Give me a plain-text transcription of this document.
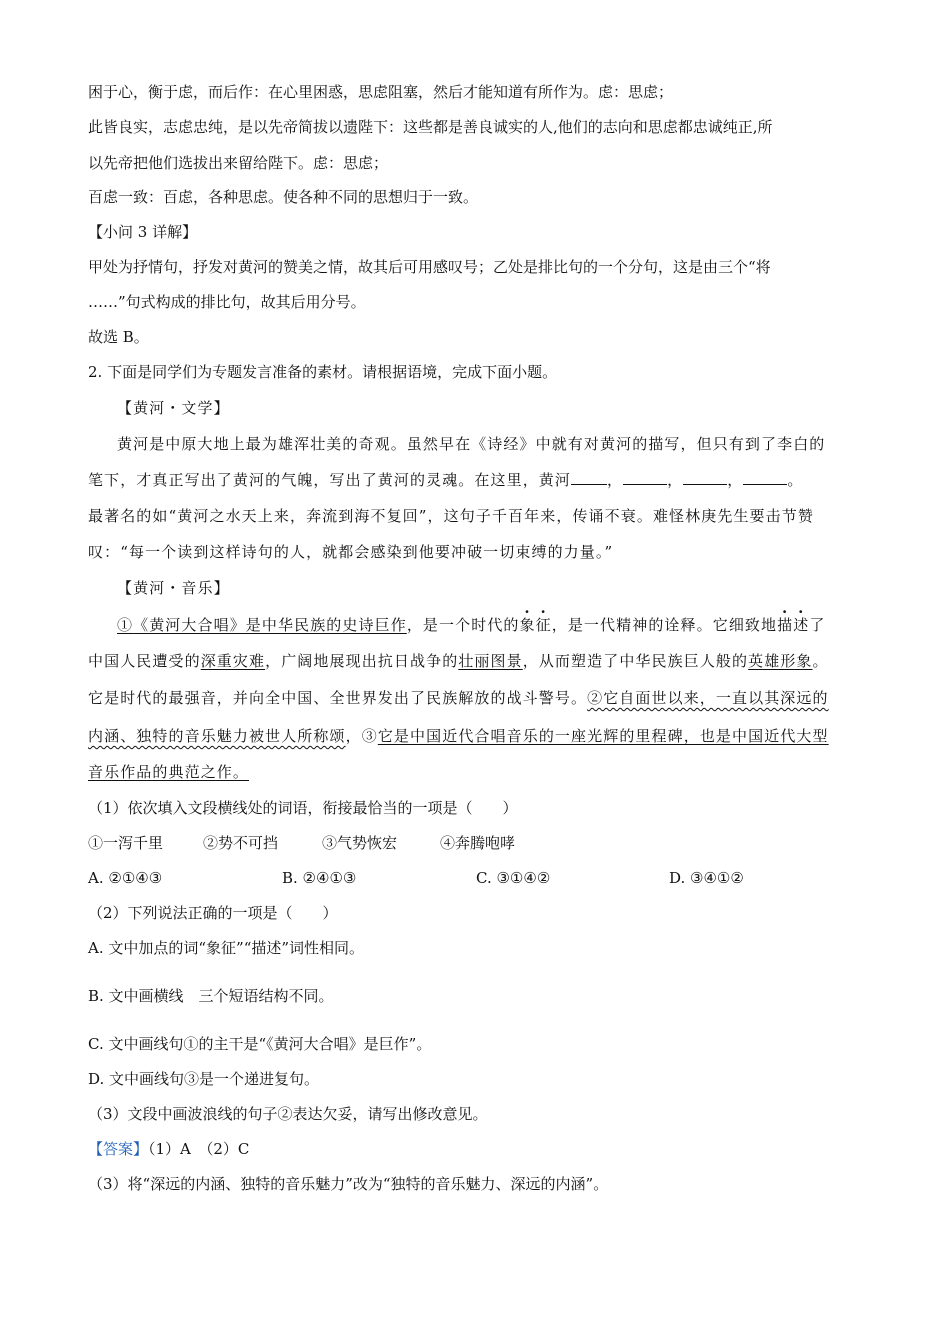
困于心，衡于虑，而后作：在心里困惑，思虑阻塞，然后才能知道有所作为。虑：思虑；
此皆良实，志虑忠纯，是以先帝简拔以遗陛下：这些都是善良诚实的人,他们的志向和思虑都忠诚纯正,所
以先帝把他们选拔出来留给陛下。虑：思虑；
百虑一致：百虑，各种思虑。使各种不同的思想归于一致。
【小问 3 详解】
甲处为抒情句，抒发对黄河的赞美之情，故其后可用感叹号；乙处是排比句的一个分句，这是由三个“将
……”句式构成的排比句，故其后用分号。
故选 B。
2. 下面是同学们为专题发言准备的素材。请根据语境，完成下面小题。
【黄河・文学】
黄河是中原大地上最为雄浑壮美的奇观。虽然早在《诗经》中就有对黄河的描写，但只有到了李白的
笔下，才真正写出了黄河的气魄，写出了黄河的灵魂。在这里，黄河 ，	，	，	。
最著名的如“黄河之水天上来，奔流到海不复回”，这句子千百年来，传诵不衰。难怪林庚先生要击节赞
叹：“每一个读到这样诗句的人，就都会感染到他要冲破一切束缚的力量。”
【黄河・音乐】
①《黄河大合唱》是中华民族的史诗巨作，是一个时代的象征，是一代精神的诠释。它细致地描述了
中国人民遭受的深重灾难，广阔地展现出抗日战争的壮丽图景，从而塑造了中华民族巨人般的英雄形象。
它是时代的最强音，并向全中国、全世界发出了民族解放的战斗警号。②它自面世以来，一直以其深远的
内涵、独特的音乐魅力被世人所称颂，③它是中国近代合唱音乐的一座光辉的里程碑，也是中国近代大型
音乐作品的典范之作。
（1）依次填入文段横线处的词语，衔接最恰当的一项是（　　）
①一泻千里	②势不可挡	③气势恢宏	④奔腾咆哮
A. ②①④③	B. ②④①③	C. ③①④②	D. ③④①②
（2）下列说法正确的一项是（　　）
A. 文中加点的词“象征”“描述”词性相同。
B. 文中画横线　三个短语结构不同。
C. 文中画线句①的主干是“《黄河大合唱》是巨作”。
D. 文中画线句③是一个递进复句。
（3）文段中画波浪线的句子②表达欠妥，请写出修改意见。
【答案】（1）A　（2）C
（3）将“深远的内涵、独特的音乐魅力”改为“独特的音乐魅力、深远的内涵”。
